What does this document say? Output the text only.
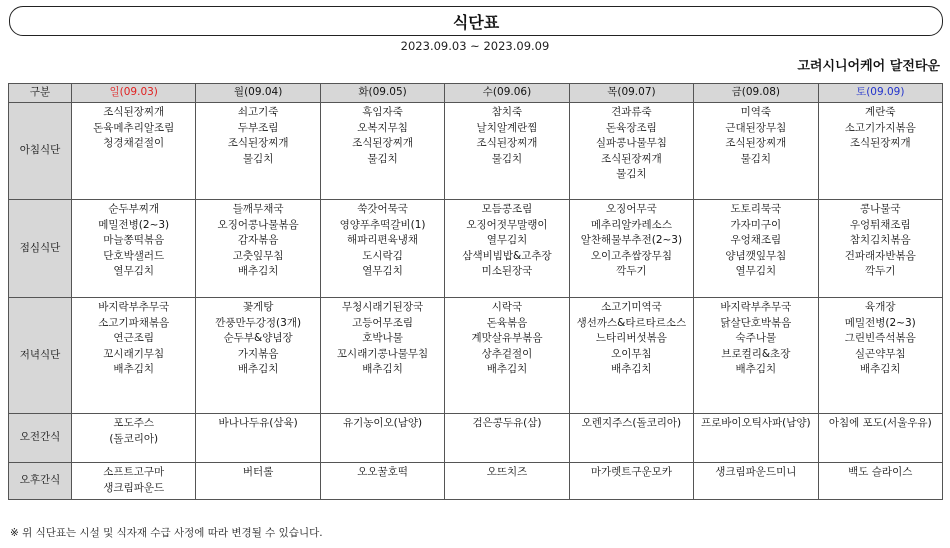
식단표
2023.09.03 ~ 2023.09.09
고려시니어케어 달전타운
구분	일(09.03)	월(09.04)	화(09.05)	수(09.06)	목(09.07)	금(09.08)	토(09.09)
아침식단	조식된장찌개
돈육메추리알조림
청경채겉절이	쇠고기죽
두부조림
조식된장찌개
물김치	흑임자죽
오복지무침
조식된장찌개
물김치	참치죽
날치알계란찜
조식된장찌개
물김치	견과류죽
돈육장조림
실파콩나물무침
조식된장찌개
물김치	미역죽
근대된장무침
조식된장찌개
물김치	계란죽
소고기가지볶음
조식된장찌개

점심식단	순두부찌개
메밀전병(2~3)
마늘쫑떡볶음
단호박샐러드
열무김치	들깨무채국
오징어콩나물볶음
감자볶음
고춧잎무침
배추김치	쑥갓어묵국
영양푸추떡갈비(1)
해파리편육냉채
도시락김
열무김치	모듬콩조림
오징어젓무말랭이
열무김치
삼색비빔밥&고추장
미소된장국	오징어무국
메추리알카레소스
알찬해물부추전(2~3)
오이고추쌈장무침
깍두기	도토리묵국
가자미구이
우엉채조림
양념깻잎무침
열무김치	콩나물국
우엉튀채조림
참치김치볶음
건파래자반볶음
깍두기

저녁식단	바지락부추무국
소고기파채볶음
연근조림
꼬시래기무침
배추김치	꽃게탕
깐풍만두강정(3개)
순두부&양념장
가지볶음
배추김치	무청시래기된장국
고등어무조림
호박나물
꼬시래기콩나물무침
배추김치	시락국
돈육볶음
계맛살유부볶음
상추겉절이
배추김치	소고기미역국
생선까스&타르타르소스
느타리버섯볶음
오이무침
배추김치	바지락부추무국
닭살단호박볶음
숙주나물
브로컬리&초장
배추김치	육개장
메밀전병(2~3)
그린빈즉석볶음
실곤약무침
배추김치

오전간식	포도주스
(돌코리아)	바나나두유(삼육)	유기농이오(남양)	검은콩두유(삼)	오렌지주스(돌코리아)	프로바이오틱사파(남양)	아침에 포도(서울우유)

오후간식	소프트고구마
생크림파운드	버터롤	오오꿀호떡	오뜨치즈	마가렛트구운모카	생크림파운드미니	백도 슬라이스
※ 위 식단표는 시설 및 식자재 수급 사정에 따라 변경될 수 있습니다.
